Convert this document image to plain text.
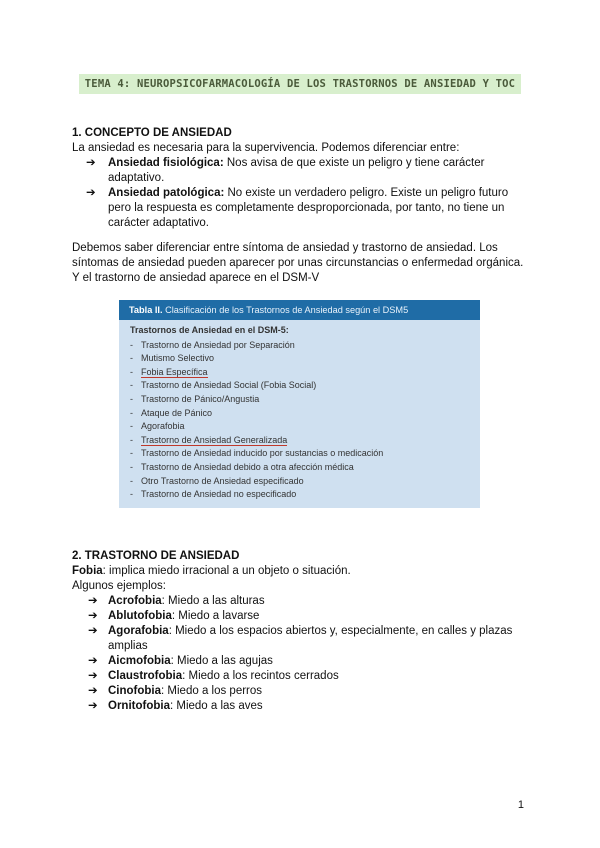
TEMA 4: NEUROPSICOFARMACOLOGÍA DE LOS TRASTORNOS DE ANSIEDAD Y TOC

1. CONCEPTO DE ANSIEDAD

La ansiedad es necesaria para la supervivencia. Podemos diferenciar entre:

➔ Ansiedad fisiológica: Nos avisa de que existe un peligro y tiene carácter adaptativo.
➔ Ansiedad patológica: No existe un verdadero peligro. Existe un peligro futuro pero la respuesta es completamente desproporcionada, por tanto, no tiene un carácter adaptativo.

Debemos saber diferenciar entre síntoma de ansiedad y trastorno de ansiedad. Los síntomas de ansiedad pueden aparecer por unas circunstancias o enfermedad orgánica. Y el trastorno de ansiedad aparece en el DSM-V

Tabla II. Clasificación de los Trastornos de Ansiedad según el DSM5
Trastornos de Ansiedad en el DSM-5:
- Trastorno de Ansiedad por Separación
- Mutismo Selectivo
- Fobia Específica
- Trastorno de Ansiedad Social (Fobia Social)
- Trastorno de Pánico/Angustia
- Ataque de Pánico
- Agorafobia
- Trastorno de Ansiedad Generalizada
- Trastorno de Ansiedad inducido por sustancias o medicación
- Trastorno de Ansiedad debido a otra afección médica
- Otro Trastorno de Ansiedad especificado
- Trastorno de Ansiedad no especificado

2. TRASTORNO DE ANSIEDAD

Fobia: implica miedo irracional a un objeto o situación.

Algunos ejemplos:

➔ Acrofobia: Miedo a las alturas
➔ Ablutofobia: Miedo a lavarse
➔ Agorafobia: Miedo a los espacios abiertos y, especialmente, en calles y plazas amplias
➔ Aicmofobia: Miedo a las agujas
➔ Claustrofobia: Miedo a los recintos cerrados
➔ Cinofobia: Miedo a los perros
➔ Ornitofobia: Miedo a las aves
1
